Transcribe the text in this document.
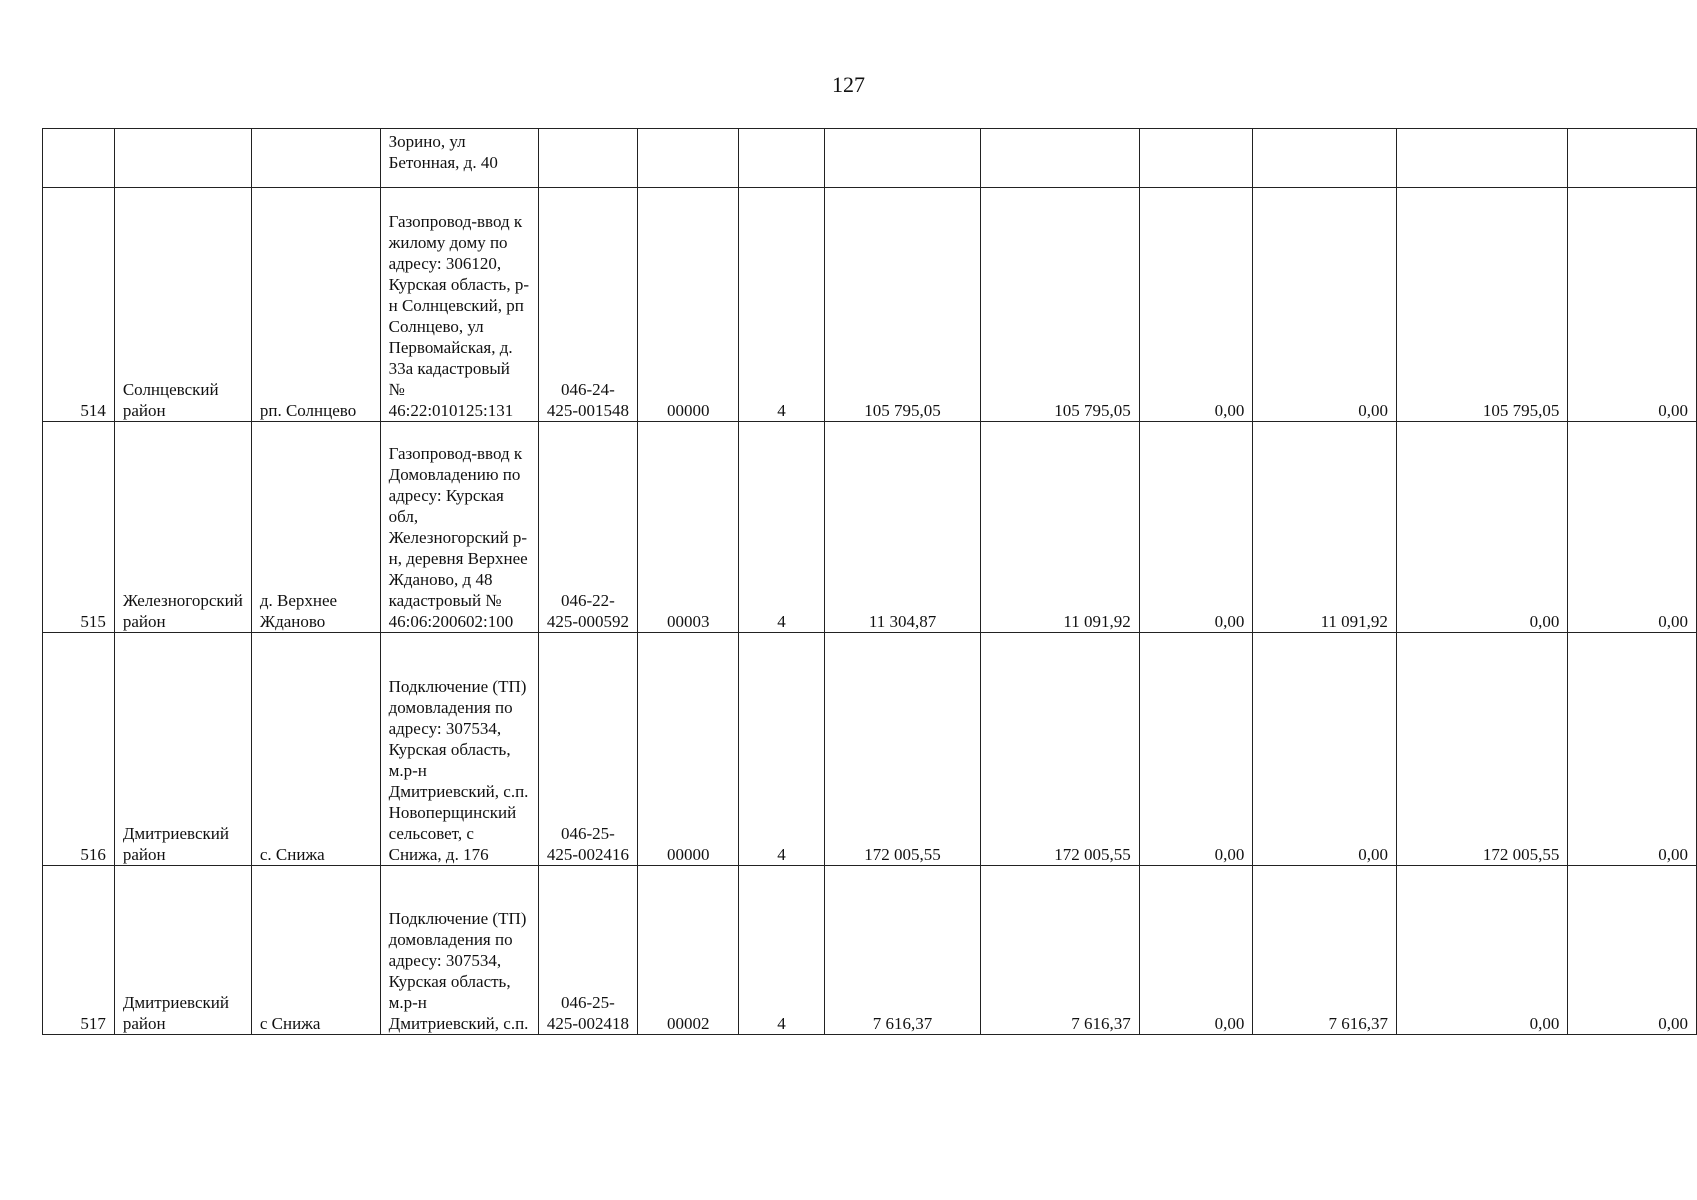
127
			Зорино, ул Бетонная, д. 40									
514	Солнцевский район	рп. Солнцево	Газопровод-ввод к жилому дому по адресу: 306120, Курская область, р-н Солнцевский, рп Солнцево, ул Первомайская, д. 33а кадастровый № 46:22:010125:131	046-24-425-001548	00000	4	105 795,05	105 795,05	0,00	0,00	105 795,05	0,00
515	Железногорский район	д. Верхнее Жданово	Газопровод-ввод к Домовладению по адресу: Курская обл, Железногорский р-н, деревня Верхнее Жданово, д 48 кадастровый № 46:06:200602:100	046-22-425-000592	00003	4	11 304,87	11 091,92	0,00	11 091,92	0,00	0,00
516	Дмитриевский район	с. Снижа	Подключение (ТП) домовладения по адресу: 307534, Курская область, м.р-н Дмитриевский, с.п. Новоперщинский сельсовет, с Снижа, д. 176	046-25-425-002416	00000	4	172 005,55	172 005,55	0,00	0,00	172 005,55	0,00
517	Дмитриевский район	с Снижа	Подключение (ТП) домовладения по адресу: 307534, Курская область, м.р-н Дмитриевский, с.п.	046-25-425-002418	00002	4	7 616,37	7 616,37	0,00	7 616,37	0,00	0,00
